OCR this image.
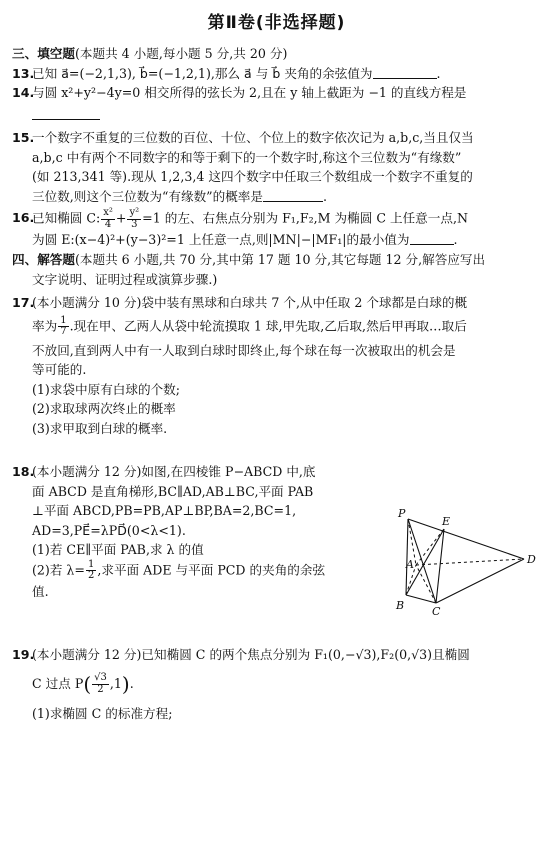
第Ⅱ卷(非选择题)
三、填空题(本题共 4 小题,每小题 5 分,共 20 分)
13.
已知 a⃗=(−2,1,3), b⃗=(−1,2,1),那么 a⃗ 与 b⃗ 夹角的余弦值为	.
14.
与圆 x²+y²−4y=0 相交所得的弦长为 2,且在 y 轴上截距为 −1 的直线方程是
15.
一个数字不重复的三位数的百位、十位、个位上的数字依次记为 a,b,c,当且仅当
a,b,c 中有两个不同数字的和等于剩下的一个数字时,称这个三位数为“有缘数”
(如 213,341 等).现从 1,2,3,4 这四个数字中任取三个数组成一个数字不重复的
三位数,则这个三位数为“有缘数”的概率是	.
16.
已知椭圆 C: $\frac{\text{x²}}{4} + \frac{\text{y²}}{3} =1$ 的左、右焦点分别为 F₁,F₂,M 为椭圆 C 上任意一点,N
为圆 E:(x−4)²+(y−3)²=1 上任意一点,则|MN|−|MF₁|的最小值为	.
四、解答题(本题共 6 小题,共 70 分,其中第 17 题 10 分,其它每题 12 分,解答应写出
文字说明、证明过程或演算步骤.)
17.
(本小题满分 10 分)袋中装有黑球和白球共 7 个,从中任取 2 个球都是白球的概
率为 $\frac{1}{7}$ .现在甲、乙两人从袋中轮流摸取 1 球,甲先取,乙后取,然后甲再取…取后
不放回,直到两人中有一人取到白球时即终止,每个球在每一次被取出的机会是
等可能的.
(1)求袋中原有白球的个数;
(2)求取球两次终止的概率
(3)求甲取到白球的概率.
18.
(本小题满分 12 分)如图,在四棱锥 P−ABCD 中,底
面 ABCD 是直角梯形,BC∥AD,AB⊥BC,平面 PAB
⊥平面 ABCD,PB=PB,AP⊥BP,BA=2,BC=1,
AD=3,PE⃗=λPD⃗(0<λ<1).
(1)若 CE∥平面 PAB,求 λ 的值
(2)若 $\lambda= \frac{1}{2}$ ,求平面 ADE 与平面 PCD 的夹角的余弦
值.
P
E
A	D
B	C
19.
(本小题满分 12 分)已知椭圆 C 的两个焦点分别为 F₁(0,−√3),F₂(0,√3)且椭圆
C 过点 $P( \frac{√3}{2} ,1)$.
(1)求椭圆 C 的标准方程;
